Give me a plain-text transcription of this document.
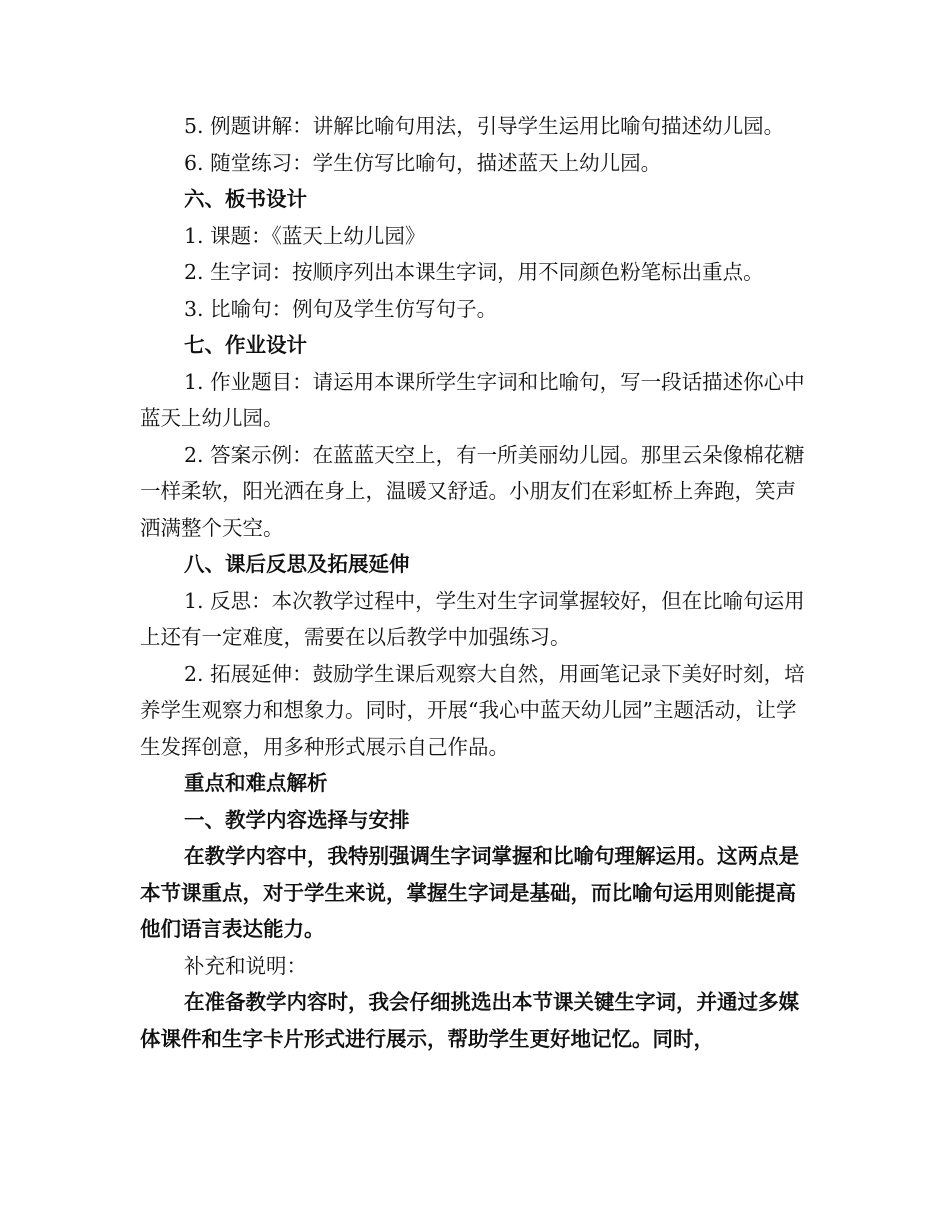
5. 例题讲解：讲解比喻句用法，引导学生运用比喻句描述幼儿园。

6. 随堂练习：学生仿写比喻句，描述蓝天上幼儿园。

六、板书设计

1. 课题：《蓝天上幼儿园》

2. 生字词：按顺序列出本课生字词，用不同颜色粉笔标出重点。

3. 比喻句：例句及学生仿写句子。

七、作业设计

1. 作业题目：请运用本课所学生字词和比喻句，写一段话描述你心中蓝天上幼儿园。

2. 答案示例：在蓝蓝天空上，有一所美丽幼儿园。那里云朵像棉花糖一样柔软，阳光洒在身上，温暖又舒适。小朋友们在彩虹桥上奔跑，笑声洒满整个天空。

八、课后反思及拓展延伸

1. 反思：本次教学过程中，学生对生字词掌握较好，但在比喻句运用上还有一定难度，需要在以后教学中加强练习。

2. 拓展延伸：鼓励学生课后观察大自然，用画笔记录下美好时刻，培养学生观察力和想象力。同时，开展“我心中蓝天幼儿园”主题活动，让学生发挥创意，用多种形式展示自己作品。

重点和难点解析

一、教学内容选择与安排

在教学内容中，我特别强调生字词掌握和比喻句理解运用。这两点是本节课重点，对于学生来说，掌握生字词是基础，而比喻句运用则能提高他们语言表达能力。

补充和说明：

在准备教学内容时，我会仔细挑选出本节课关键生字词，并通过多媒体课件和生字卡片形式进行展示，帮助学生更好地记忆。同时，
